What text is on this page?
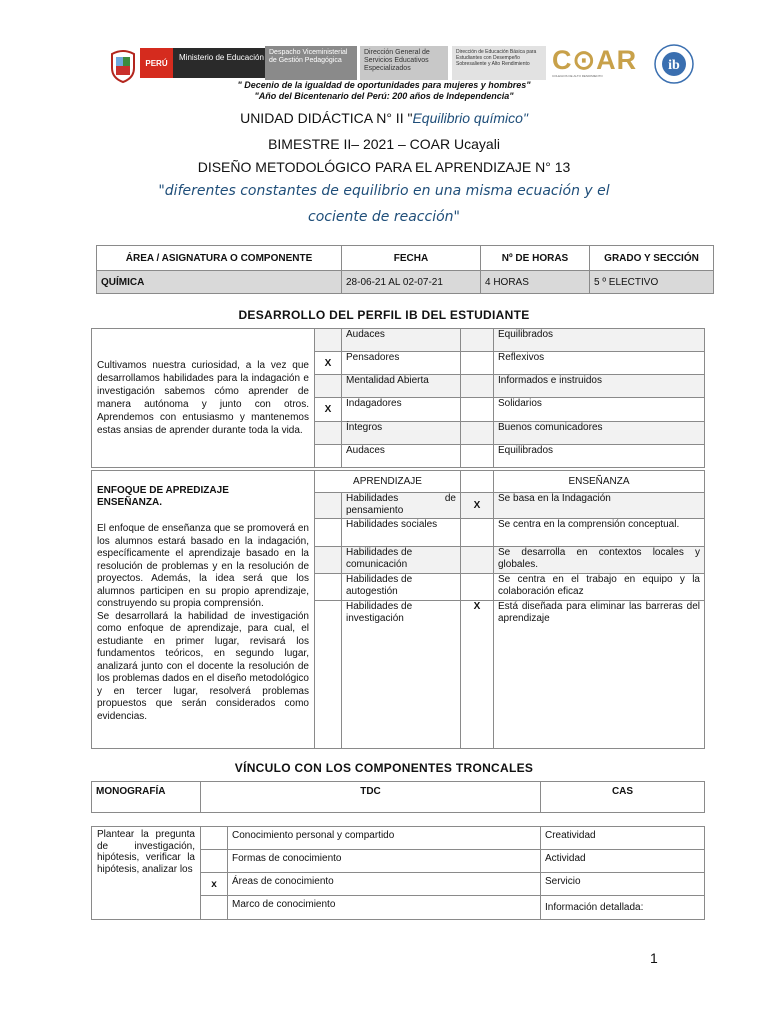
PERÚ
Ministerio de Educación
Despacho Viceministerial de Gestión Pedagógica
Dirección General de Servicios Educativos Especializados
Dirección de Educación Básica para Estudiantes con Desempeño Sobresaliente y Alto Rendimiento C⊙AR
COLEGIOS DE ALTO RENDIMIENTO
ib
" Decenio de la igualdad de oportunidades para mujeres y hombres"
"Año del Bicentenario del Perú: 200 años de Independencia"
UNIDAD DIDÁCTICA N° II "Equilibrio químico"
BIMESTRE II– 2021 – COAR Ucayali
DISEÑO METODOLÓGICO PARA EL APRENDIZAJE N° 13
"diferentes constantes de equilibrio en una misma ecuación y el
cociente de reacción"
ÁREA / ASIGNATURA O COMPONENTE	FECHA	Nº DE HORAS	GRADO Y SECCIÓN
QUÍMICA	28-06-21 AL 02-07-21	4 HORAS	5 º ELECTIVO
DESARROLLO DEL PERFIL IB DEL ESTUDIANTE
Cultivamos nuestra curiosidad, a la vez que desarrollamos habilidades para la indagación e investigación sabemos cómo aprender de manera autónoma y junto con otros. Aprendemos con entusiasmo y mantenemos estas ansias de aprender durante toda la vida.		Audaces		Equilibrados
	X	Pensadores		Reflexivos
		Mentalidad Abierta		Informados e instruidos
	X	Indagadores		Solidarios
		Íntegros		Buenos comunicadores
		Audaces		Equilibrados
ENFOQUE DE APREDIZAJE
ENSEÑANZA.
El enfoque de enseñanza que se promoverá en los alumnos estará basado en la indagación, específicamente el aprendizaje basado en la resolución de problemas y en la resolución de proyectos. Además, la idea será que los alumnos participen en su propio aprendizaje, construyendo su propia comprensión.
Se desarrollará la habilidad de investigación como enfoque de aprendizaje, para cual, el estudiante en primer lugar, revisará los fundamentos teóricos, en segundo lugar, analizará junto con el docente la resolución de los problemas dados en el diseño metodológico y en tercer lugar, resolverá problemas propuestos que serán considerados como evidencias.	APRENDIZAJE			ENSEÑANZA
		Habilidades de pensamiento	X	Se basa en la Indagación
		Habilidades sociales		Se centra en la comprensión conceptual.
		Habilidades de comunicación		Se desarrolla en contextos locales y globales.
		Habilidades de autogestión		Se centra en el trabajo en equipo y la colaboración eficaz
		Habilidades de investigación	X	Está diseñada para eliminar las barreras del aprendizaje
VÍNCULO CON LOS COMPONENTES TRONCALES
MONOGRAFÍA	TDC		CAS

Plantear la pregunta de investigación, hipótesis, verificar la hipótesis, analizar los		Conocimiento personal y compartido	Creatividad
		Formas de conocimiento	Actividad
	x	Áreas de conocimiento	Servicio
		Marco de conocimiento	Información detallada:
1
